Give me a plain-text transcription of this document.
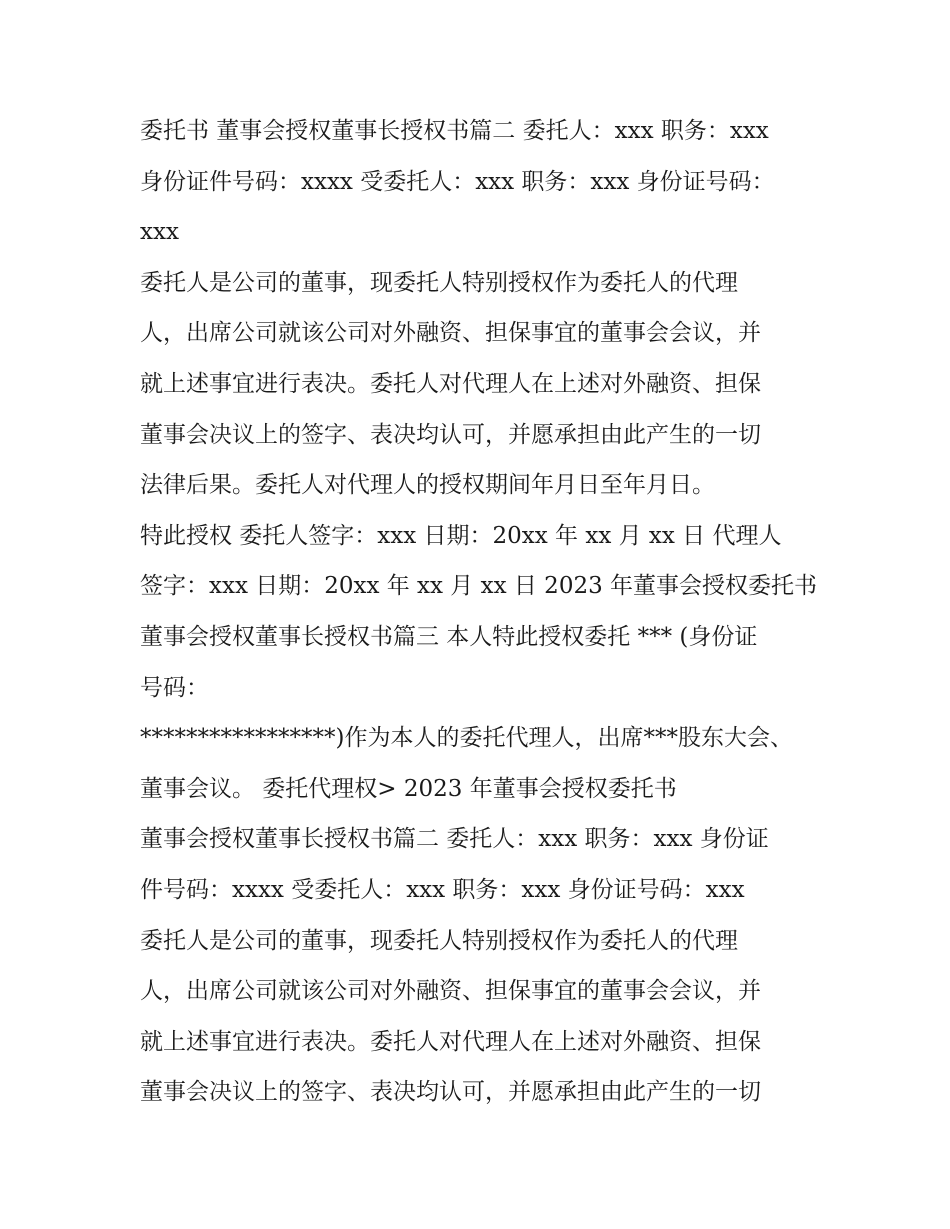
委托书 董事会授权董事长授权书篇二 委托人：xxx 职务：xxx
身份证件号码：xxxx 受委托人：xxx 职务：xxx 身份证号码：
xxx
委托人是公司的董事，现委托人特别授权作为委托人的代理
人，出席公司就该公司对外融资、担保事宜的董事会会议，并
就上述事宜进行表决。委托人对代理人在上述对外融资、担保
董事会决议上的签字、表决均认可，并愿承担由此产生的一切
法律后果。委托人对代理人的授权期间年月日至年月日。
特此授权 委托人签字：xxx 日期：20xx 年 xx 月 xx 日 代理人
签字：xxx 日期：20xx 年 xx 月 xx 日 2023 年董事会授权委托书
董事会授权董事长授权书篇三 本人特此授权委托 *** (身份证
号码：
*****************)作为本人的委托代理人，出席***股东大会、
董事会议。 委托代理权> 2023 年董事会授权委托书
董事会授权董事长授权书篇二 委托人：xxx 职务：xxx 身份证
件号码：xxxx 受委托人：xxx 职务：xxx 身份证号码：xxx
委托人是公司的董事，现委托人特别授权作为委托人的代理
人，出席公司就该公司对外融资、担保事宜的董事会会议，并
就上述事宜进行表决。委托人对代理人在上述对外融资、担保
董事会决议上的签字、表决均认可，并愿承担由此产生的一切
